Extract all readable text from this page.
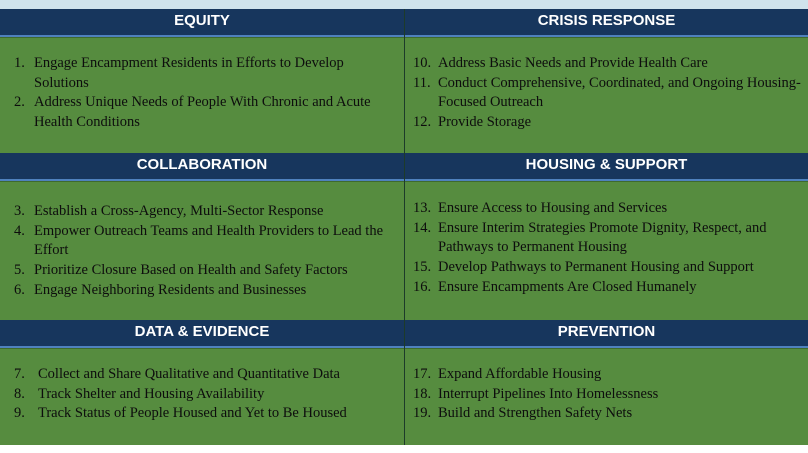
EQUITY	CRISIS RESPONSE
1. Engage Encampment Residents in Efforts to Develop Solutions
2. Address Unique Needs of People With Chronic and Acute Health Conditions
10. Address Basic Needs and Provide Health Care
11. Conduct Comprehensive, Coordinated, and Ongoing Housing-Focused Outreach
12. Provide Storage
COLLABORATION	HOUSING & SUPPORT
3. Establish a Cross-Agency, Multi-Sector Response
4. Empower Outreach Teams and Health Providers to Lead the Effort
5. Prioritize Closure Based on Health and Safety Factors
6. Engage Neighboring Residents and Businesses
13. Ensure Access to Housing and Services
14. Ensure Interim Strategies Promote Dignity, Respect, and Pathways to Permanent Housing
15. Develop Pathways to Permanent Housing and Support
16. Ensure Encampments Are Closed Humanely
DATA & EVIDENCE	PREVENTION
7. Collect and Share Qualitative and Quantitative Data
8. Track Shelter and Housing Availability
9. Track Status of People Housed and Yet to Be Housed
17. Expand Affordable Housing
18. Interrupt Pipelines Into Homelessness
19. Build and Strengthen Safety Nets
